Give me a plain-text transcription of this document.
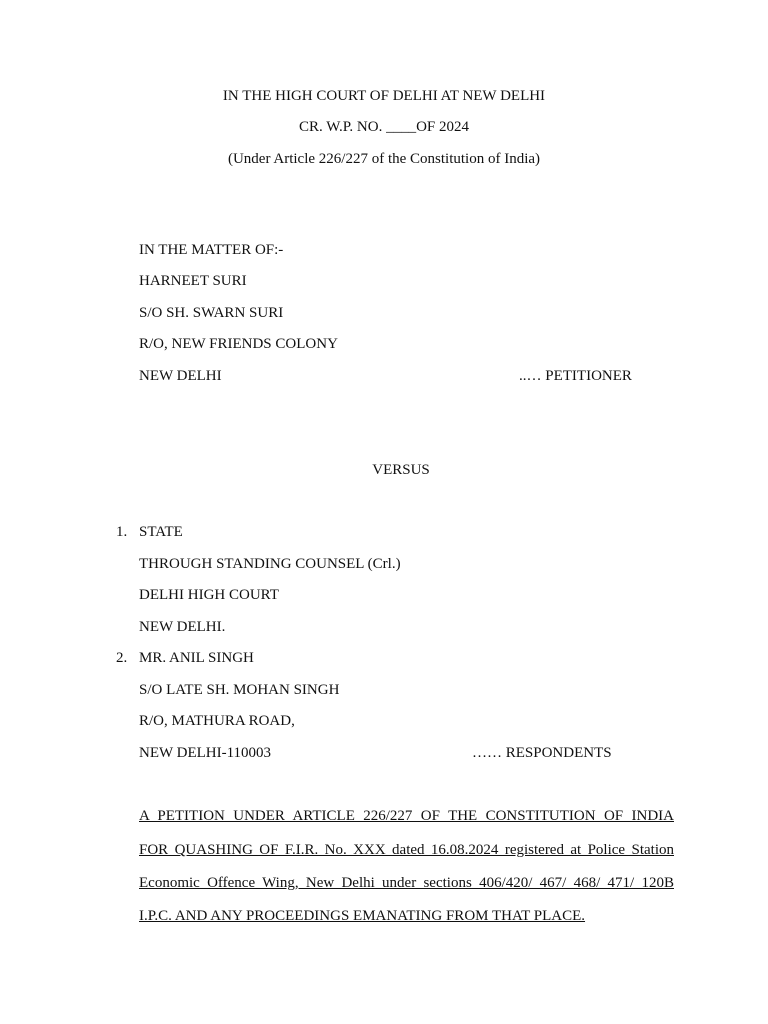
IN THE HIGH COURT OF DELHI AT NEW DELHI
CR. W.P. NO. ____OF 2024
(Under Article 226/227 of the Constitution of India)
IN THE MATTER OF:-
HARNEET SURI
S/O SH. SWARN SURI
R/O, NEW FRIENDS COLONY
NEW DELHI	..… PETITIONER
VERSUS
1. STATE
THROUGH STANDING COUNSEL (Crl.)
DELHI HIGH COURT
NEW DELHI.
2. MR. ANIL SINGH
S/O LATE SH. MOHAN SINGH
R/O, MATHURA ROAD,
NEW DELHI-110003	…… RESPONDENTS
A PETITION UNDER ARTICLE 226/227 OF THE CONSTITUTION OF INDIA
FOR QUASHING OF F.I.R. No. XXX dated 16.08.2024 registered at Police Station
Economic Offence Wing, New Delhi under sections 406/420/ 467/ 468/ 471/ 120B
I.P.C. AND ANY PROCEEDINGS EMANATING FROM THAT PLACE.
